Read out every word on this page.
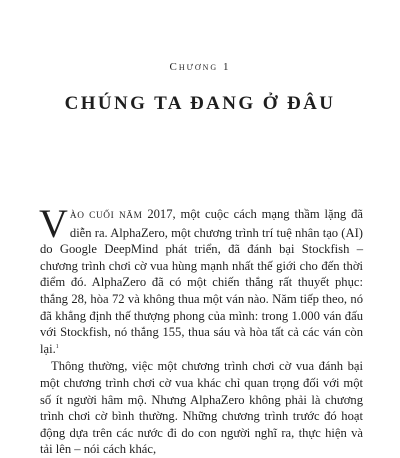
Chương 1
CHÚNG TA ĐANG Ở ĐÂU

VÀO CUỐI NĂM 2017, một cuộc cách mạng thầm lặng đã diễn ra. AlphaZero, một chương trình trí tuệ nhân tạo (AI) do Google DeepMind phát triển, đã đánh bại Stockfish – chương trình chơi cờ vua hùng mạnh nhất thế giới cho đến thời điểm đó. AlphaZero đã có một chiến thắng rất thuyết phục: thắng 28, hòa 72 và không thua một ván nào. Năm tiếp theo, nó đã khẳng định thế thượng phong của mình: trong 1.000 ván đấu với Stockfish, nó thắng 155, thua sáu và hòa tất cả các ván còn lại.$^1$

Thông thường, việc một chương trình chơi cờ vua đánh bại một chương trình chơi cờ vua khác chỉ quan trọng đối với một số ít người hâm mộ. Nhưng AlphaZero không phải là chương trình chơi cờ bình thường. Những chương trình trước đó hoạt động dựa trên các nước đi do con người nghĩ ra, thực hiện và tải lên – nói cách khác,
